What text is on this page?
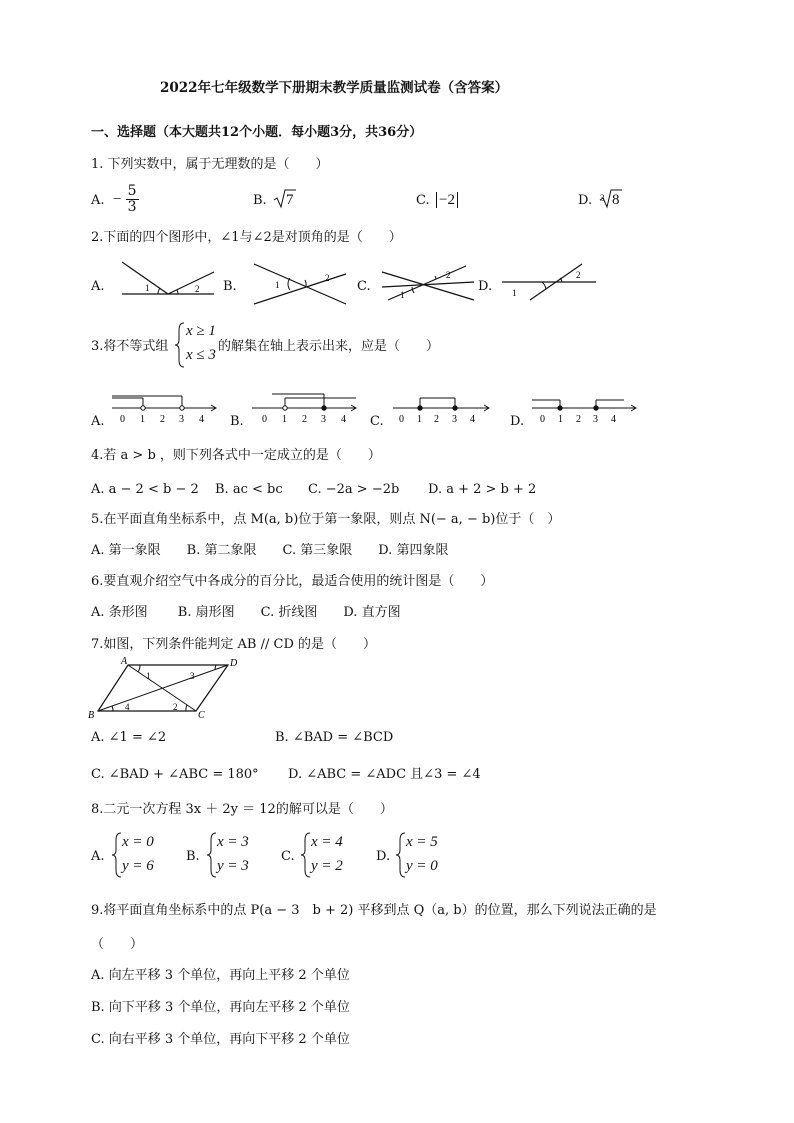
2022年七年级数学下册期末教学质量监测试卷（含答案）
一、选择题（本大题共12个小题．每小题3分，共36分）
1. 下列实数中，属于无理数的是（　　）
A. − $\frac{5}{3}$	B. 7	C. −2	D. 3 8
2.下面的四个图形中，∠1与∠2是对顶角的是（　　）
A.	1	2 B.	1
2
C.
1
2
D. 1
2
3.将不等式组
x ≥ 1
x ≤ 3
的解集在轴上表示出来，应是（　　）
A. 0 1 2 3 4 B. 0 1 2 3 4 C. 0 1 2 3 4	D. 0 1 2 3 4
4.若 a > b ，则下列各式中一定成立的是（　　）
A. a − 2 < b − 2 B. ac < bc C. −2a > −2b D. a + 2 > b + 2
5.在平面直角坐标系中，点 M(a, b)位于第一象限，则点 N(− a, − b)位于（　）
A. 第一象限　　B. 第二象限　　C. 第三象限　　D. 第四象限
6.要直观介绍空气中各成分的百分比，最适合使用的统计图是（　　）
A. 条形图　　 B. 扇形图　　C. 折线图　　D. 直方图
7.如图，下列条件能判定 AB // CD 的是（　　）
A	D
B	C
1	3
4	2
A. ∠1 = ∠2	B. ∠BAD = ∠BCD
C. ∠BAD + ∠ABC = 180° D. ∠ABC = ∠ADC 且∠3 = ∠4
8.二元一次方程 3x ＋ 2y ＝ 12的解可以是（　　）
A.
x = 0
y = 6
B.
x = 3
y = 3
C.
x = 4
y = 2
D.
x = 5
y = 0
9.将平面直角坐标系中的点 P(a − 3　b + 2) 平移到点 Q（a, b）的位置，那么下列说法正确的是
（　　）
A. 向左平移 3 个单位，再向上平移 2 个单位
B. 向下平移 3 个单位，再向左平移 2 个单位
C. 向右平移 3 个单位，再向下平移 2 个单位
